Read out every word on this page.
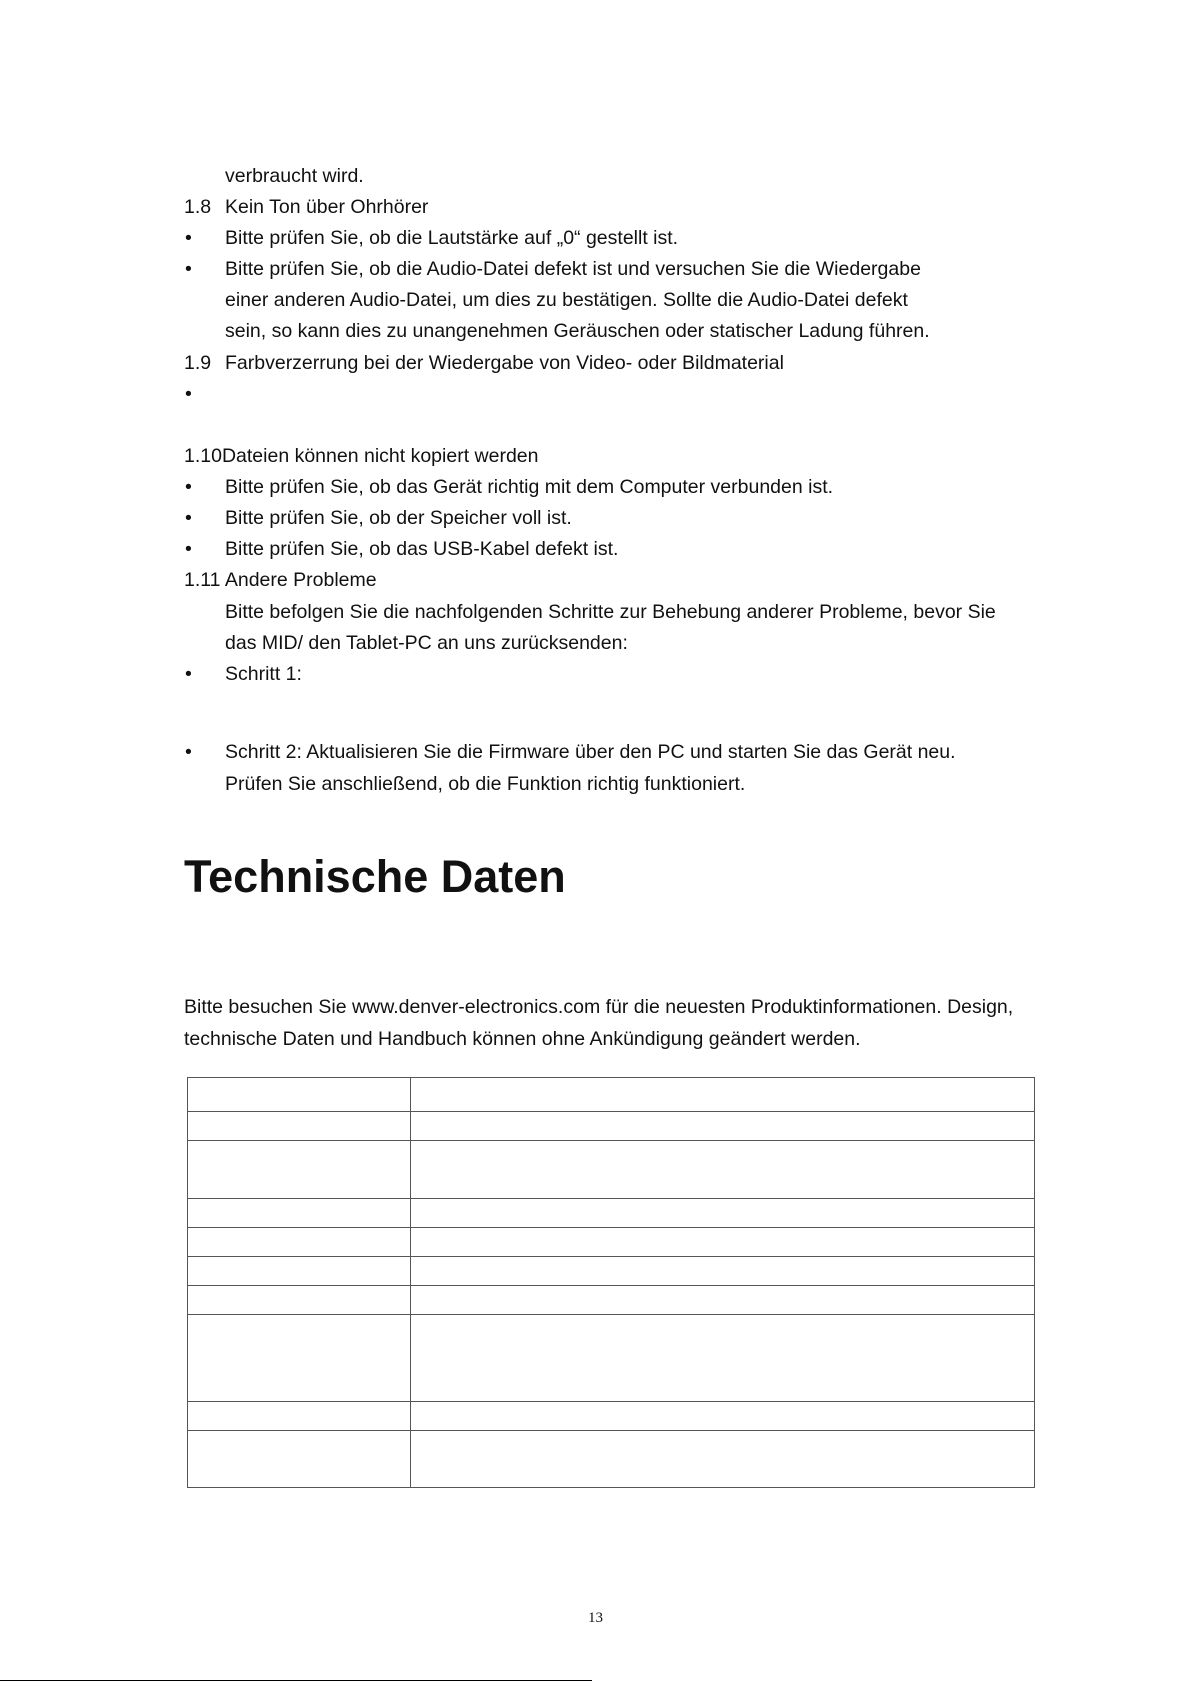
verbraucht wird.
1.8 Kein Ton über Ohrhörer
• Bitte prüfen Sie, ob die Lautstärke auf „0“ gestellt ist.
• Bitte prüfen Sie, ob die Audio-Datei defekt ist und versuchen Sie die Wiedergabe
einer anderen Audio-Datei, um dies zu bestätigen. Sollte die Audio-Datei defekt
sein, so kann dies zu unangenehmen Geräuschen oder statischer Ladung führen.
1.9 Farbverzerrung bei der Wiedergabe von Video- oder Bildmaterial
•
1.10Dateien können nicht kopiert werden
• Bitte prüfen Sie, ob das Gerät richtig mit dem Computer verbunden ist.
• Bitte prüfen Sie, ob der Speicher voll ist.
• Bitte prüfen Sie, ob das USB-Kabel defekt ist.
1.11 Andere Probleme
Bitte befolgen Sie die nachfolgenden Schritte zur Behebung anderer Probleme, bevor Sie
das MID/ den Tablet-PC an uns zurücksenden:
• Schritt 1:
• Schritt 2: Aktualisieren Sie die Firmware über den PC und starten Sie das Gerät neu.
Prüfen Sie anschließend, ob die Funktion richtig funktioniert.
Technische Daten
Bitte besuchen Sie www.denver-electronics.com für die neuesten Produktinformationen. Design,
technische Daten und Handbuch können ohne Ankündigung geändert werden.

13
